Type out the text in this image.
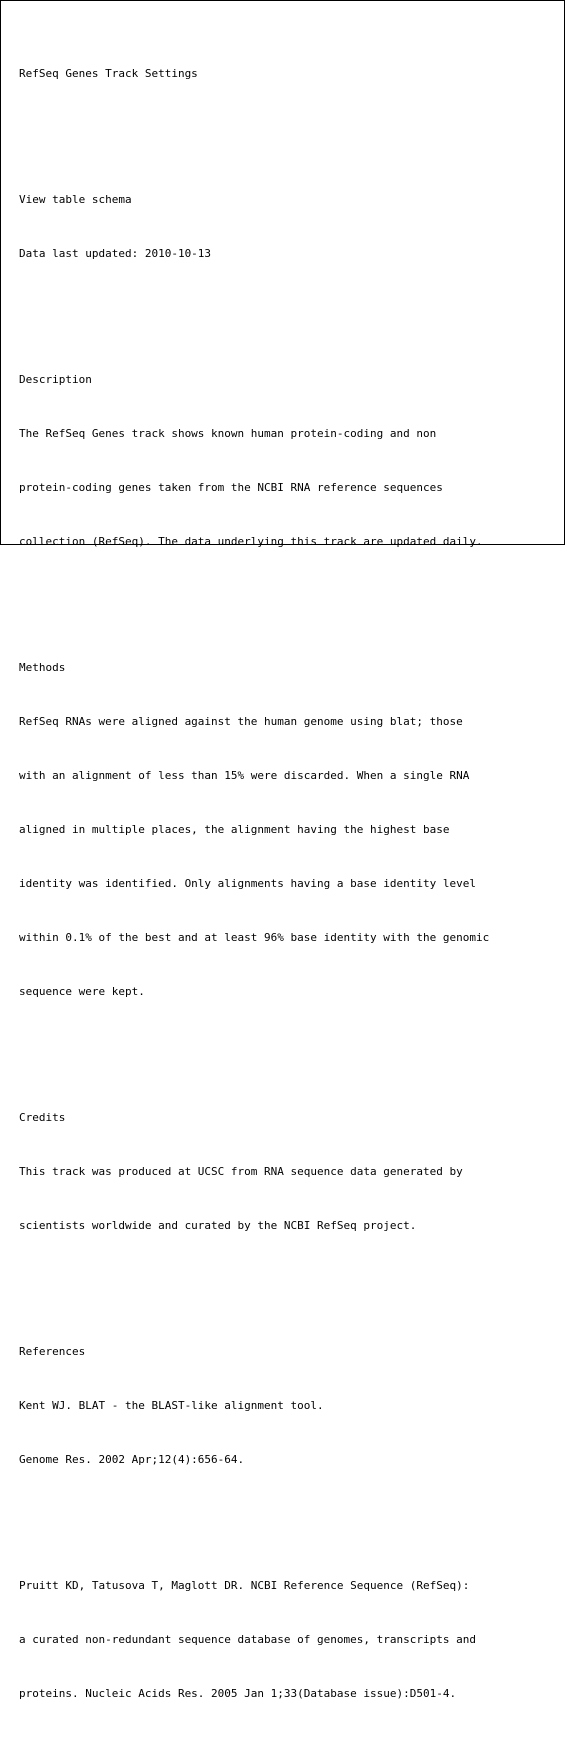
RefSeq Genes Track Settings

View table schema

Data last updated: 2010-10-13

Description

The RefSeq Genes track shows known human protein-coding and non

protein-coding genes taken from the NCBI RNA reference sequences

collection (RefSeq). The data underlying this track are updated daily.

Methods

RefSeq RNAs were aligned against the human genome using blat; those

with an alignment of less than 15% were discarded. When a single RNA

aligned in multiple places, the alignment having the highest base

identity was identified. Only alignments having a base identity level

within 0.1% of the best and at least 96% base identity with the genomic

sequence were kept.

Credits

This track was produced at UCSC from RNA sequence data generated by

scientists worldwide and curated by the NCBI RefSeq project.

References

Kent WJ. BLAT - the BLAST-like alignment tool.

Genome Res. 2002 Apr;12(4):656-64.

Pruitt KD, Tatusova T, Maglott DR. NCBI Reference Sequence (RefSeq):

a curated non-redundant sequence database of genomes, transcripts and

proteins. Nucleic Acids Res. 2005 Jan 1;33(Database issue):D501-4.
